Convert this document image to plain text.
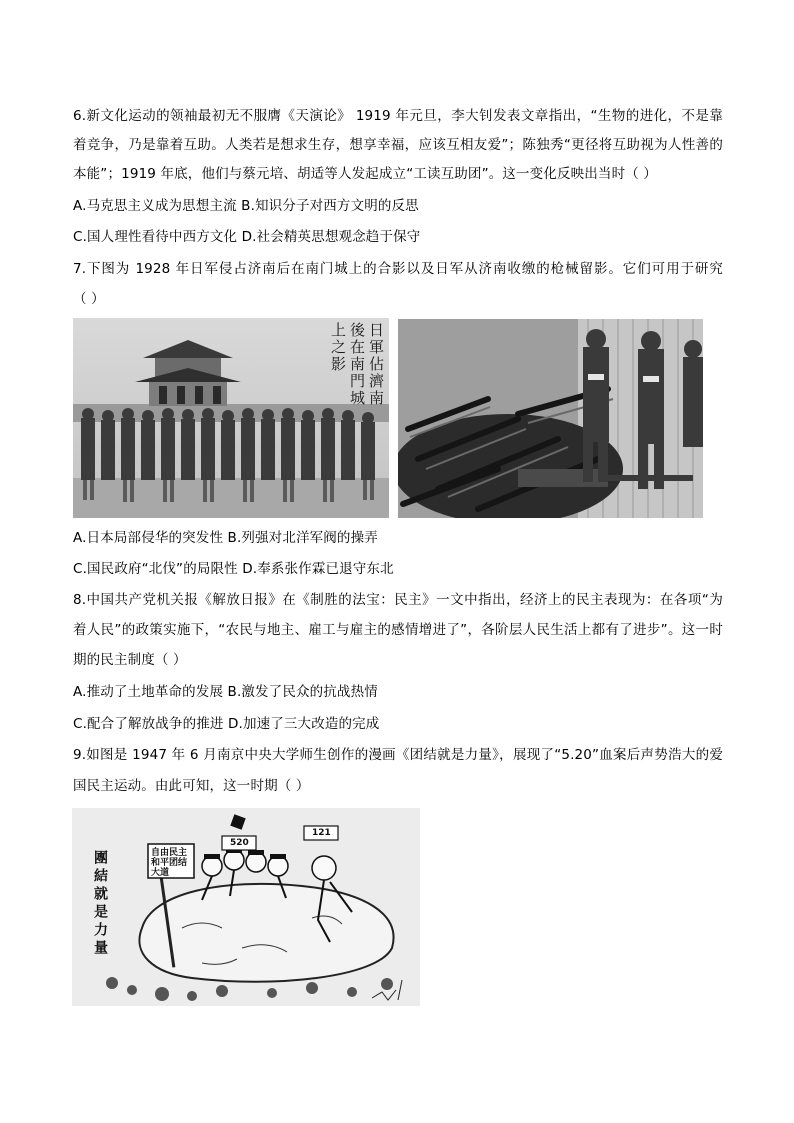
6.新文化运动的领袖最初无不服膺《天演论》 1919 年元旦，李大钊发表文章指出，“生物的进化，不是靠
着竞争，乃是靠着互助。人类若是想求生存，想享幸福，应该互相友爱”；陈独秀“更径将互助视为人性善的
本能”；1919 年底，他们与蔡元培、胡适等人发起成立“工读互助团”。这一变化反映出当时（ ）
A.马克思主义成为思想主流 B.知识分子对西方文明的反思
C.国人理性看待中西方文化 D.社会精英思想观念趋于保守
7.下图为 1928 年日军侵占济南后在南门城上的合影以及日军从济南收缴的枪械留影。它们可用于研究
（ ）
日軍佔濟南後在南門城上之影
A.日本局部侵华的突发性 B.列强对北洋军阀的操弄
C.国民政府“北伐”的局限性 D.奉系张作霖已退守东北
8.中国共产党机关报《解放日报》在《制胜的法宝：民主》一文中指出，经济上的民主表现为：在各项“为
着人民”的政策实施下，“农民与地主、雇工与雇主的感情增进了”，各阶层人民生活上都有了进步”。这一时
期的民主制度（ ）
A.推动了土地革命的发展 B.激发了民众的抗战热情
C.配合了解放战争的推进 D.加速了三大改造的完成
9.如图是 1947 年 6 月南京中央大学师生创作的漫画《团结就是力量》，展现了“5.20”血案后声势浩大的爱
国民主运动。由此可知，这一时期（ ）
團結就是力量	自由民主和平团结大道
520
121
